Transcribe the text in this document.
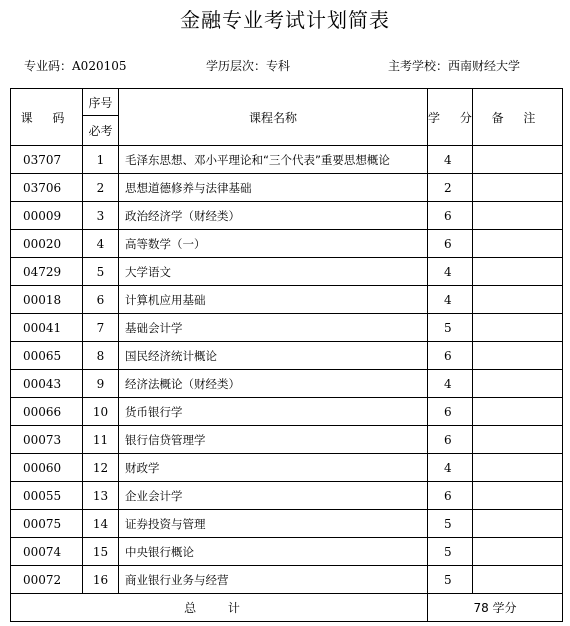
金融专业考试计划简表
专业码：A020105	学历层次：专科	主考学校：西南财经大学
课 码	序号	课程名称	学 分	备 注
	必考			
03707	1	毛泽东思想、邓小平理论和“三个代表”重要思想概论	4	
03706	2	思想道德修养与法律基础	2	
00009	3	政治经济学（财经类）	6	
00020	4	高等数学（一）	6	
04729	5	大学语文	4	
00018	6	计算机应用基础	4	
00041	7	基础会计学	5	
00065	8	国民经济统计概论	6	
00043	9	经济法概论（财经类）	4	
00066	10	货币银行学	6	
00073	11	银行信贷管理学	6	
00060	12	财政学	4	
00055	13	企业会计学	6	
00075	14	证券投资与管理	5	
00074	15	中央银行概论	5	
00072	16	商业银行业务与经营	5	
总 计			78 学分	
